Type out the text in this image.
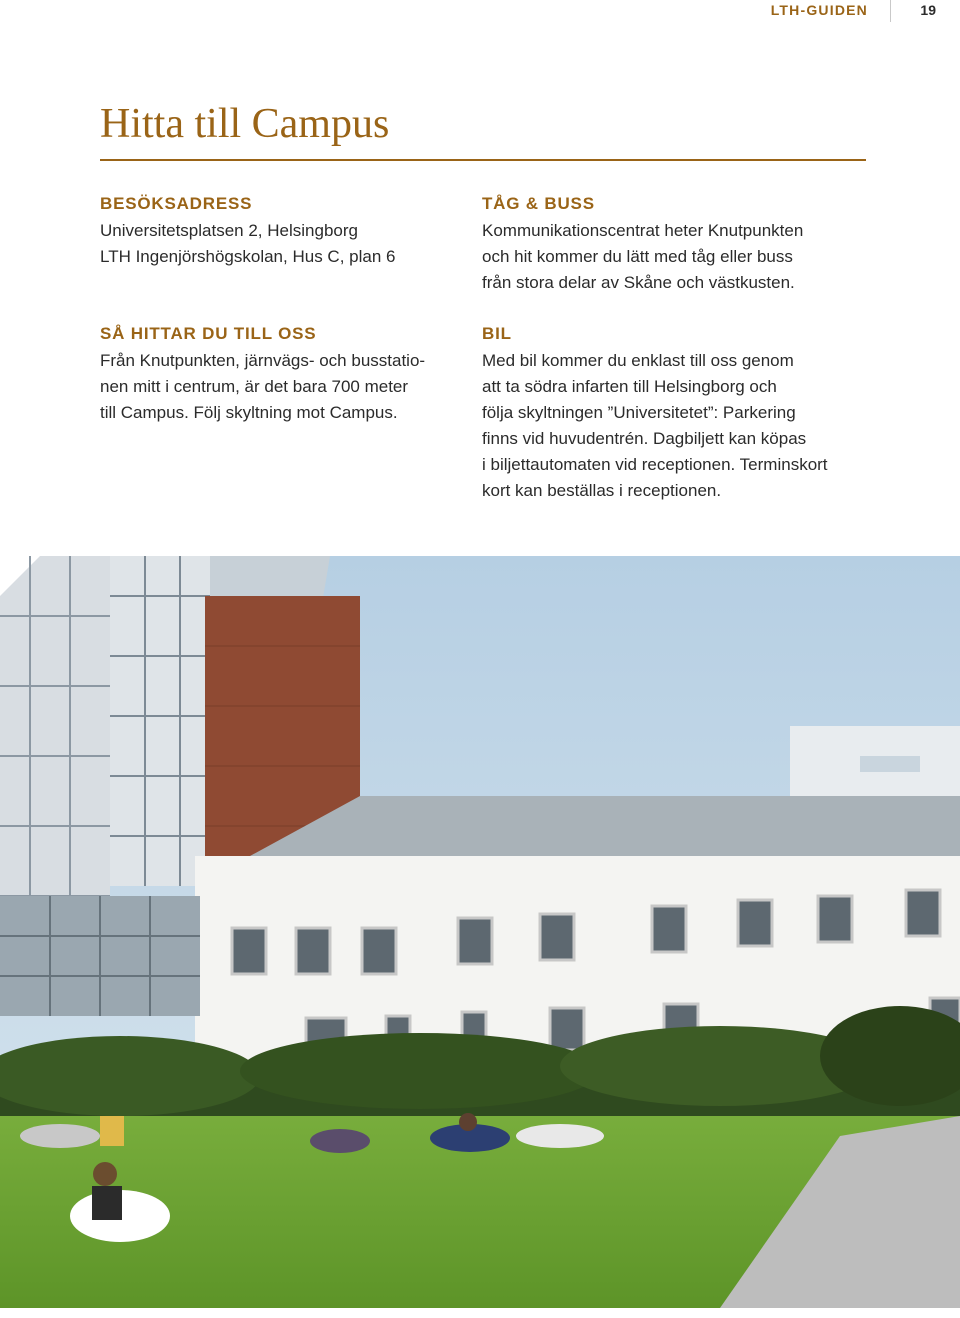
LTH-GUIDEN	19
Hitta till Campus
BESÖKSADRESS

Universitetsplatsen 2, Helsingborg
LTH Ingenjörshögskolan, Hus C, plan 6

SÅ HITTAR DU TILL OSS

Från Knutpunkten, järnvägs- och busstatio-
nen mitt i centrum, är det bara 700 meter
till Campus. Följ skyltning mot Campus.

TÅG & BUSS

Kommunikationscentrat heter Knutpunkten
och hit kommer du lätt med tåg eller buss
från stora delar av Skåne och västkusten.

BIL

Med bil kommer du enklast till oss genom
att ta södra infarten till Helsingborg och
följa skyltningen ”Universitetet”: Parkering
finns vid huvudentrén. Dagbiljett kan köpas
i biljettautomaten vid receptionen. Terminskort
kort kan beställas i receptionen.
